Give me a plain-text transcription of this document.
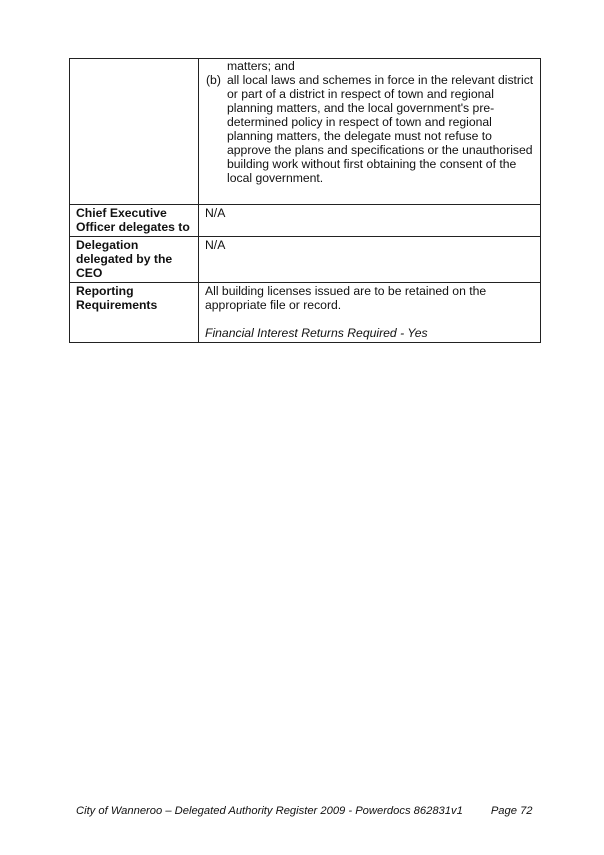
	matters; and
(b) all local laws and schemes in force in the relevant district or part of a district in respect of town and regional planning matters, and the local government's pre-determined policy in respect of town and regional planning matters, the delegate must not refuse to approve the plans and specifications or the unauthorised building work without first obtaining the consent of the local government.

Chief Executive Officer delegates to	N/A
Delegation delegated by the CEO	N/A
Reporting Requirements	All building licenses issued are to be retained on the appropriate file or record.
Financial Interest Returns Required - Yes
City of Wanneroo – Delegated Authority Register 2009 - Powerdocs 862831v1	Page 72
